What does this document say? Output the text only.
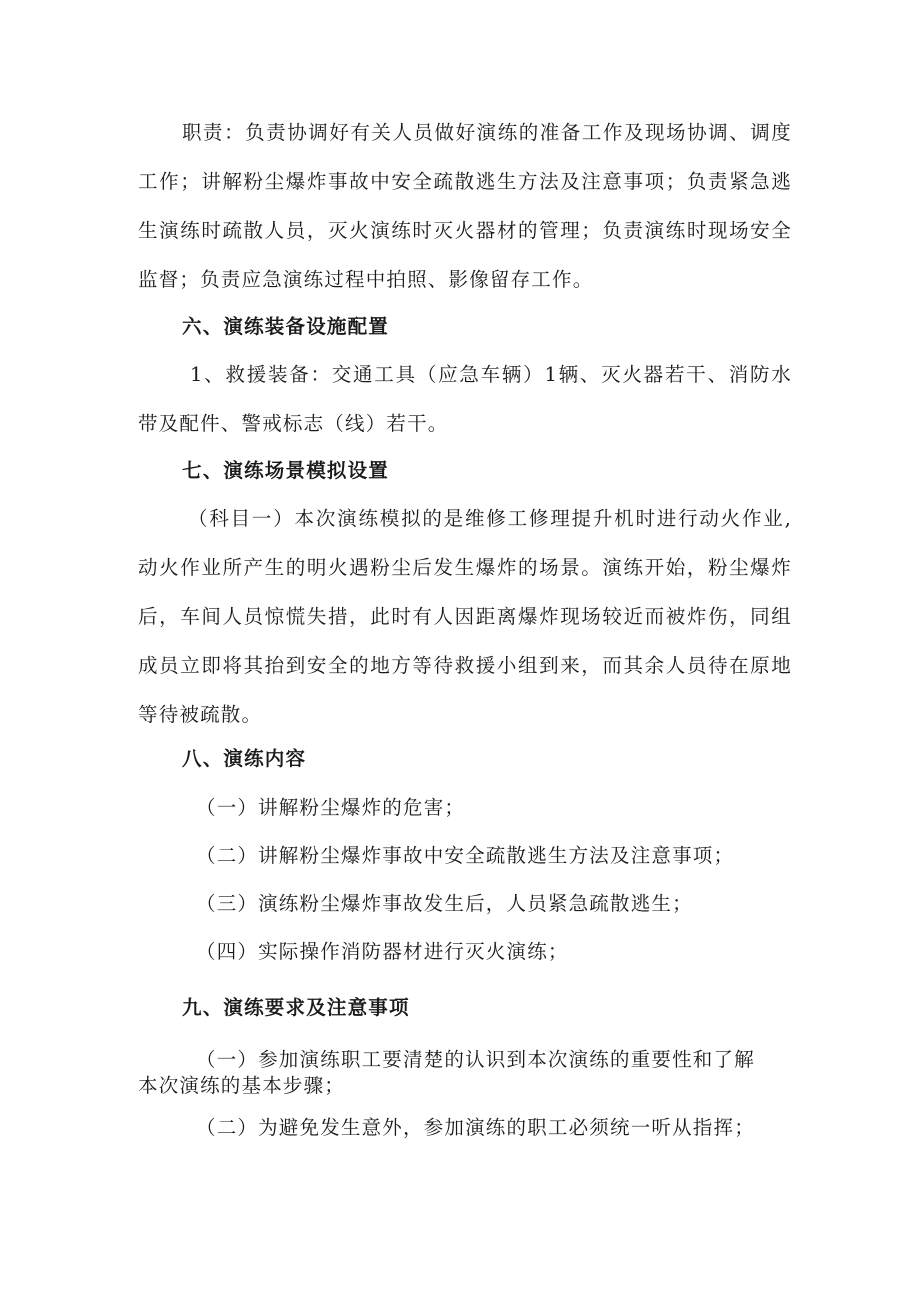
职责：负责协调好有关人员做好演练的准备工作及现场协调、调度工作；讲解粉尘爆炸事故中安全疏散逃生方法及注意事项；负责紧急逃生演练时疏散人员，灭火演练时灭火器材的管理；负责演练时现场安全监督；负责应急演练过程中拍照、影像留存工作。

六、演练装备设施配置

1、救援装备：交通工具（应急车辆）1辆、灭火器若干、消防水带及配件、警戒标志（线）若干。

七、演练场景模拟设置

（科目一）本次演练模拟的是维修工修理提升机时进行动火作业,动火作业所产生的明火遇粉尘后发生爆炸的场景。演练开始，粉尘爆炸后，车间人员惊慌失措，此时有人因距离爆炸现场较近而被炸伤，同组成员立即将其抬到安全的地方等待救援小组到来，而其余人员待在原地等待被疏散。

八、演练内容

（一）讲解粉尘爆炸的危害；

（二）讲解粉尘爆炸事故中安全疏散逃生方法及注意事项；

（三）演练粉尘爆炸事故发生后，人员紧急疏散逃生；

（四）实际操作消防器材进行灭火演练；

九、演练要求及注意事项

（一）参加演练职工要清楚的认识到本次演练的重要性和了解本次演练的基本步骤；

（二）为避免发生意外，参加演练的职工必须统一听从指挥；
